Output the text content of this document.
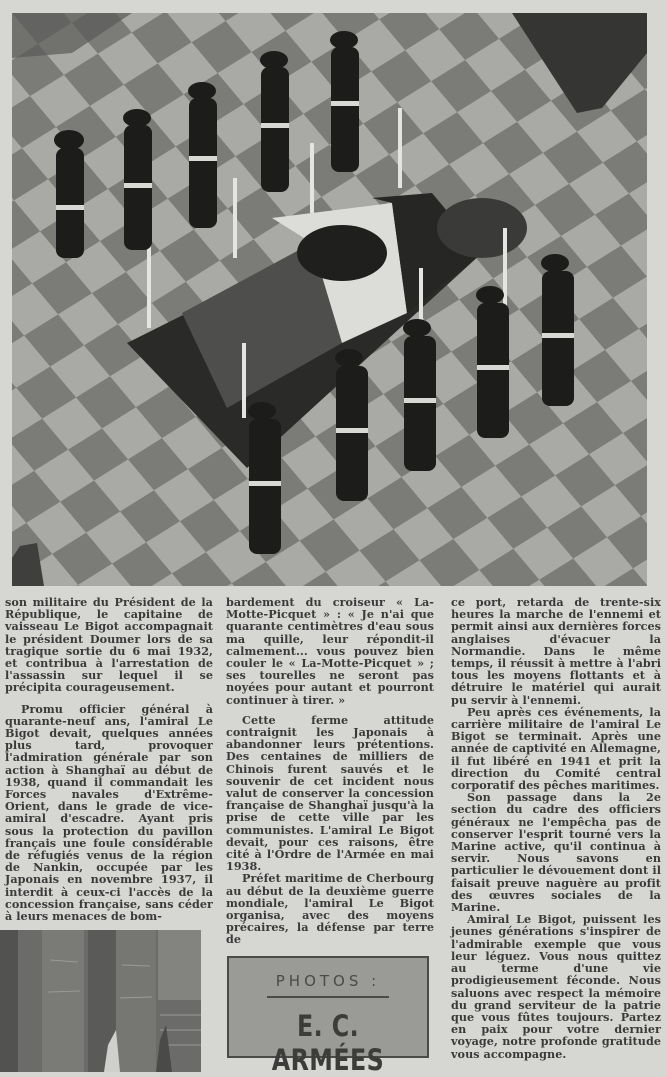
son militaire du Président de la République, le capitaine de vaisseau Le Bigot accompagnait le président Doumer lors de sa tragique sortie du 6 mai 1932, et contribua à l'arrestation de l'assassin sur lequel il se précipita courageusement.

Promu officier général à quarante-neuf ans, l'amiral Le Bigot devait, quelques années plus tard, provoquer l'admiration générale par son action à Shanghaï au début de 1938, quand il commandait les Forces navales d'Extrême-Orient, dans le grade de vice-amiral d'escadre. Ayant pris sous la protection du pavillon français une foule considérable de réfugiés venus de la région de Nankin, occupée par les Japonais en novembre 1937, il interdit à ceux-ci l'accès de la concession française, sans céder à leurs menaces de bom-

bardement du croiseur « La-Motte-Picquet » : « Je n'ai que quarante centimètres d'eau sous ma quille, leur répondit-il calmement... vous pouvez bien couler le « La-Motte-Picquet » ; ses tourelles ne seront pas noyées pour autant et pourront continuer à tirer. »

Cette ferme attitude contraignit les Japonais à abandonner leurs prétentions. Des centaines de milliers de Chinois furent sauvés et le souvenir de cet incident nous valut de conserver la concession française de Shanghaï jusqu'à la prise de cette ville par les communistes. L'amiral Le Bigot devait, pour ces raisons, être cité à l'Ordre de l'Armée en mai 1938.

Préfet maritime de Cherbourg au début de la deuxième guerre mondiale, l'amiral Le Bigot organisa, avec des moyens précaires, la défense par terre de

ce port, retarda de trente-six heures la marche de l'ennemi et permit ainsi aux dernières forces anglaises d'évacuer la Normandie. Dans le même temps, il réussit à mettre à l'abri tous les moyens flottants et à détruire le matériel qui aurait pu servir à l'ennemi.

Peu après ces événements, la carrière militaire de l'amiral Le Bigot se terminait. Après une année de captivité en Allemagne, il fut libéré en 1941 et prit la direction du Comité central corporatif des pêches maritimes.

Son passage dans la 2e section du cadre des officiers généraux ne l'empêcha pas de conserver l'esprit tourné vers la Marine active, qu'il continua à servir. Nous savons en particulier le dévouement dont il faisait preuve naguère au profit des œuvres sociales de la Marine.

Amiral Le Bigot, puissent les jeunes générations s'inspirer de l'admirable exemple que vous leur léguez. Vous nous quittez au terme d'une vie prodigieusement féconde. Nous saluons avec respect la mémoire du grand serviteur de la patrie que vous fûtes toujours. Partez en paix pour votre dernier voyage, notre profonde gratitude vous accompagne.

PHOTOS :
E. C. ARMÉES
